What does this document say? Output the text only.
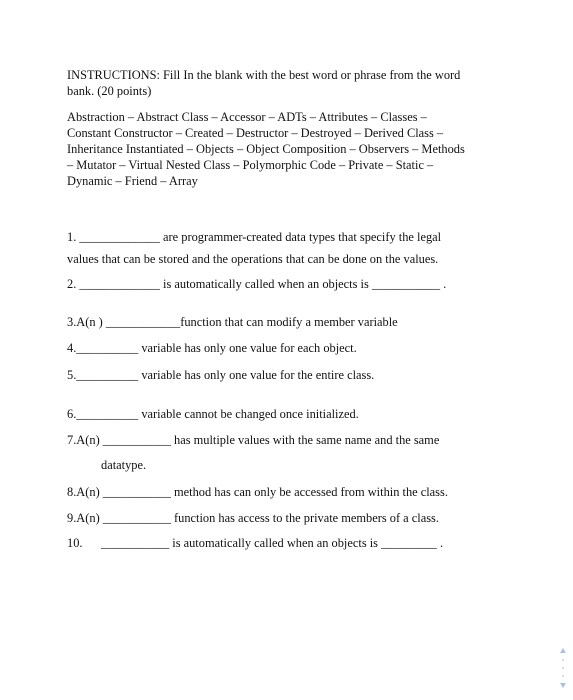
INSTRUCTIONS: Fill In the blank with the best word or phrase from the word
bank. (20 points)
Abstraction – Abstract Class – Accessor – ADTs – Attributes – Classes –
Constant Constructor – Created – Destructor – Destroyed – Derived Class –
Inheritance Instantiated – Objects – Object Composition – Observers – Methods
– Mutator – Virtual Nested Class – Polymorphic Code – Private – Static –
Dynamic – Friend – Array
1. _____________ are programmer-created data types that specify the legal
values that can be stored and the operations that can be done on the values.
2. _____________ is automatically called when an objects is ___________ .
3.A(n ) ____________function that can modify a member variable
4.__________ variable has only one value for each object.
5.__________ variable has only one value for the entire class.
6.__________ variable cannot be changed once initialized.
7.A(n) ___________ has multiple values with the same name and the same
datatype.
8.A(n) ___________ method has can only be accessed from within the class.
9.A(n) ___________ function has access to the private members of a class.
10. ___________ is automatically called when an objects is _________ .
